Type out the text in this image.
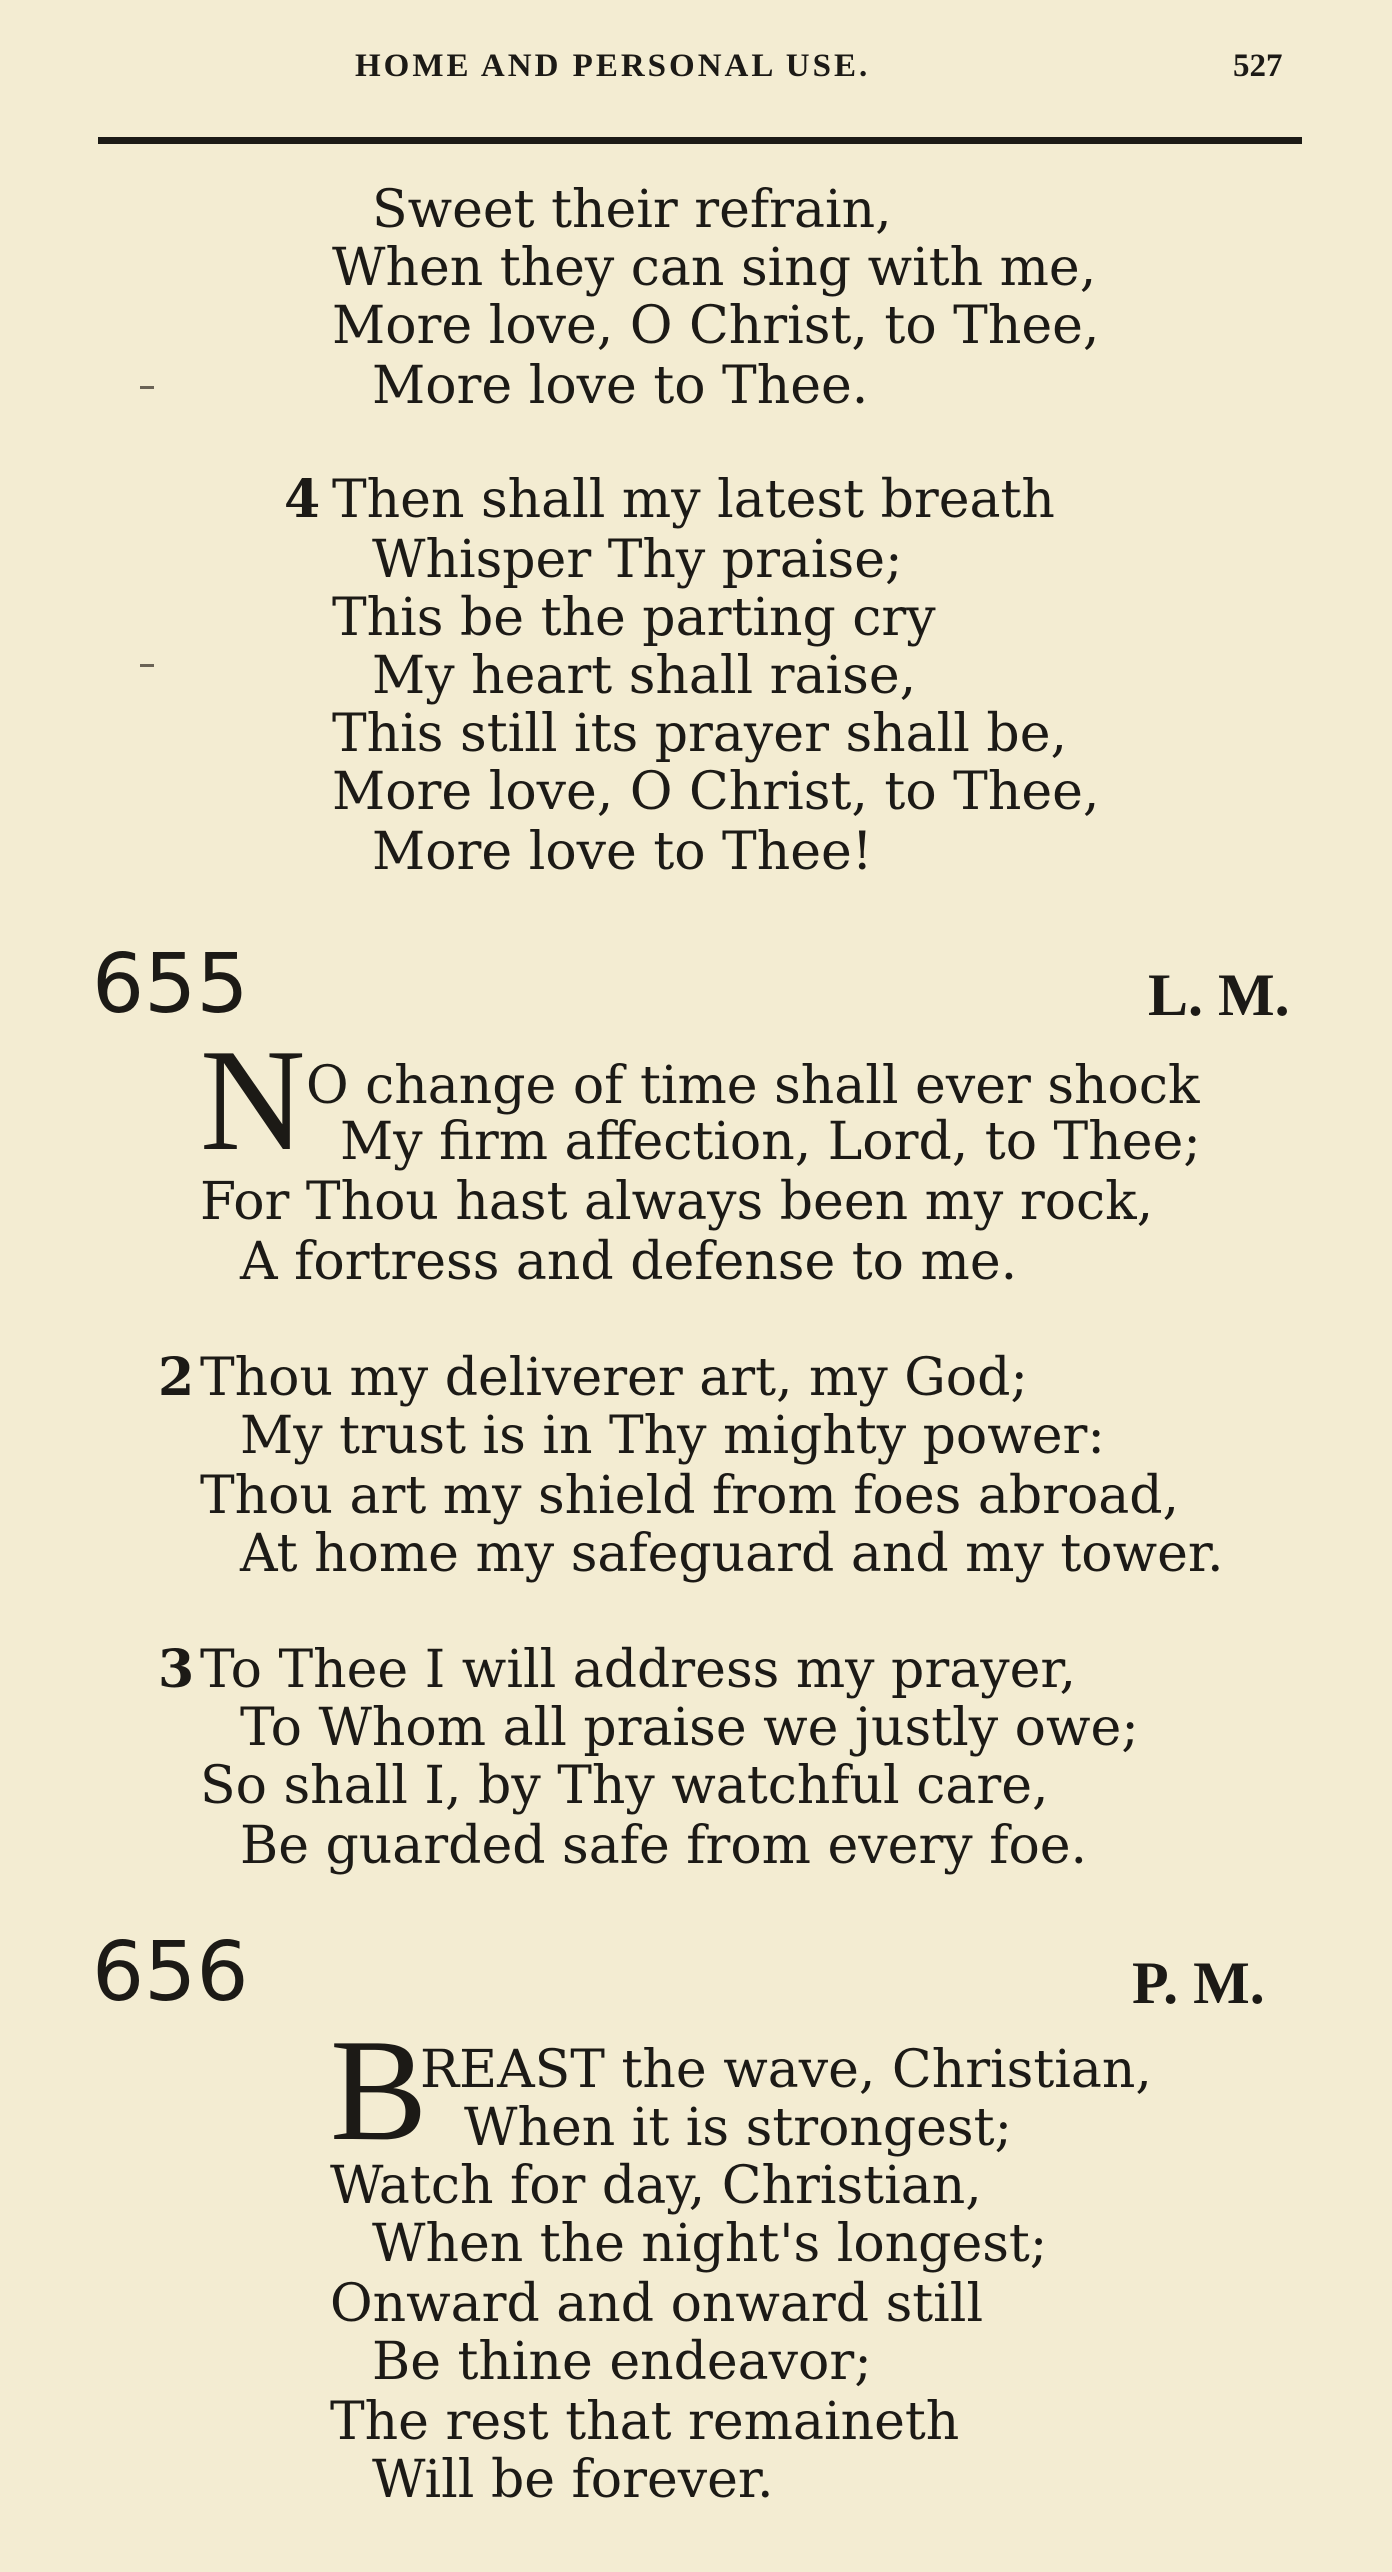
HOME AND PERSONAL USE.	527
Sweet their refrain,
When they can sing with me,
More love, O Christ, to Thee,
More love to Thee.
4 Then shall my latest breath
Whisper Thy praise;
This be the parting cry
My heart shall raise,
This still its prayer shall be,
More love, O Christ, to Thee,
More love to Thee!
655	L. M.
N O change of time shall ever shock
My firm affection, Lord, to Thee;
For Thou hast always been my rock,
A fortress and defense to me.
2 Thou my deliverer art, my God;
My trust is in Thy mighty power:
Thou art my shield from foes abroad,
At home my safeguard and my tower.
3 To Thee I will address my prayer,
To Whom all praise we justly owe;
So shall I, by Thy watchful care,
Be guarded safe from every foe.
656	P. M.
B
REAST the wave, Christian,
When it is strongest;
Watch for day, Christian,
When the night's longest;
Onward and onward still
Be thine endeavor;
The rest that remaineth
Will be forever.
